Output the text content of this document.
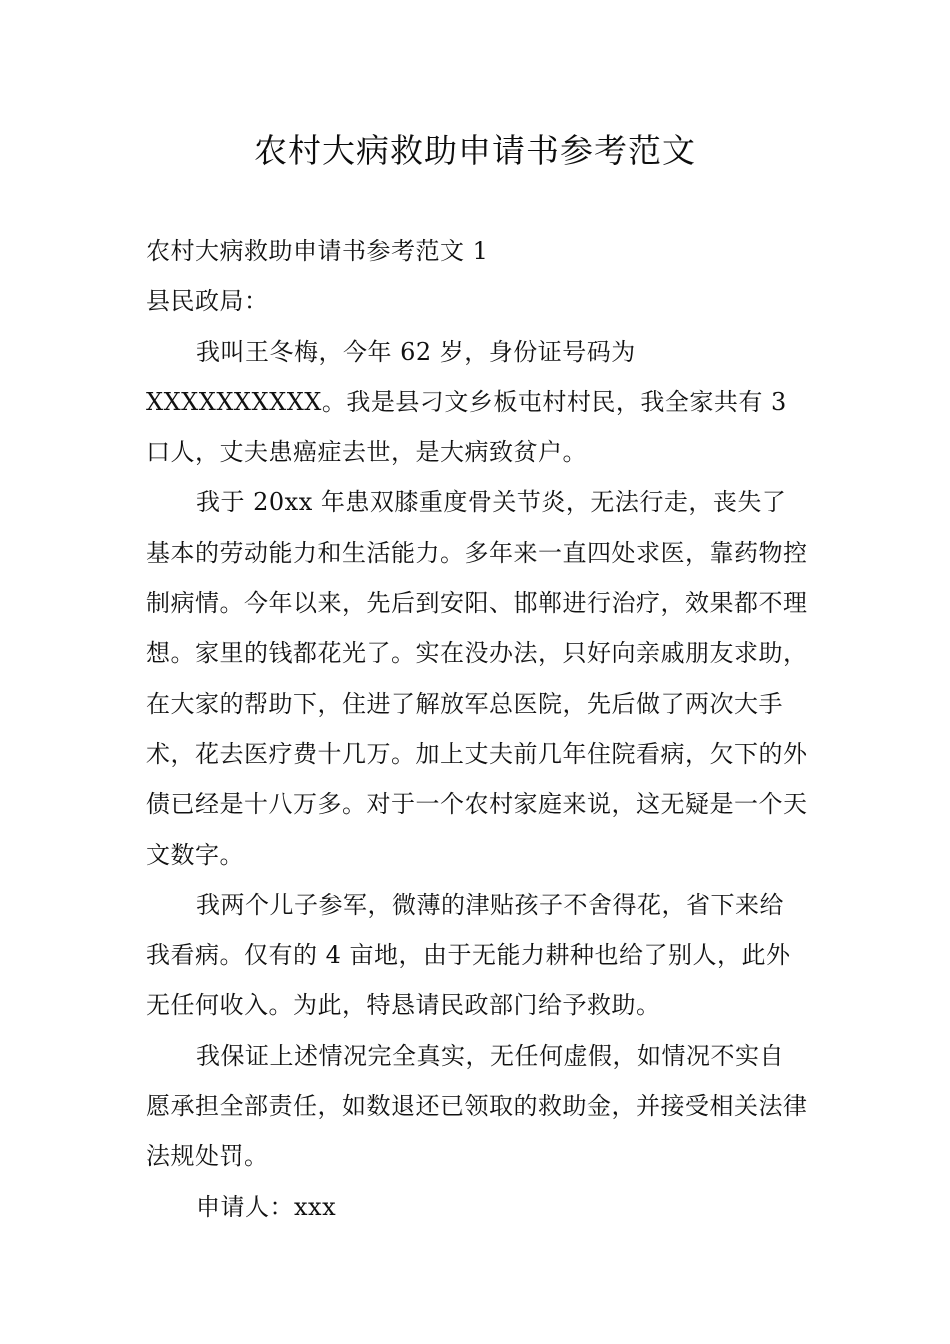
农村大病救助申请书参考范文

农村大病救助申请书参考范文 1

县民政局：

我叫王冬梅，今年 62 岁，身份证号码为 XXXXXXXXXX。我是县刁文乡板屯村村民，我全家共有 3 口人，丈夫患癌症去世，是大病致贫户。

我于 20xx 年患双膝重度骨关节炎，无法行走，丧失了基本的劳动能力和生活能力。多年来一直四处求医，靠药物控制病情。今年以来，先后到安阳、邯郸进行治疗，效果都不理想。家里的钱都花光了。实在没办法，只好向亲戚朋友求助，在大家的帮助下，住进了解放军总医院，先后做了两次大手术，花去医疗费十几万。加上丈夫前几年住院看病，欠下的外债已经是十八万多。对于一个农村家庭来说，这无疑是一个天文数字。

我两个儿子参军，微薄的津贴孩子不舍得花，省下来给我看病。仅有的 4 亩地，由于无能力耕种也给了别人，此外无任何收入。为此，特恳请民政部门给予救助。

我保证上述情况完全真实，无任何虚假，如情况不实自愿承担全部责任，如数退还已领取的救助金，并接受相关法律法规处罚。

申请人：xxx
